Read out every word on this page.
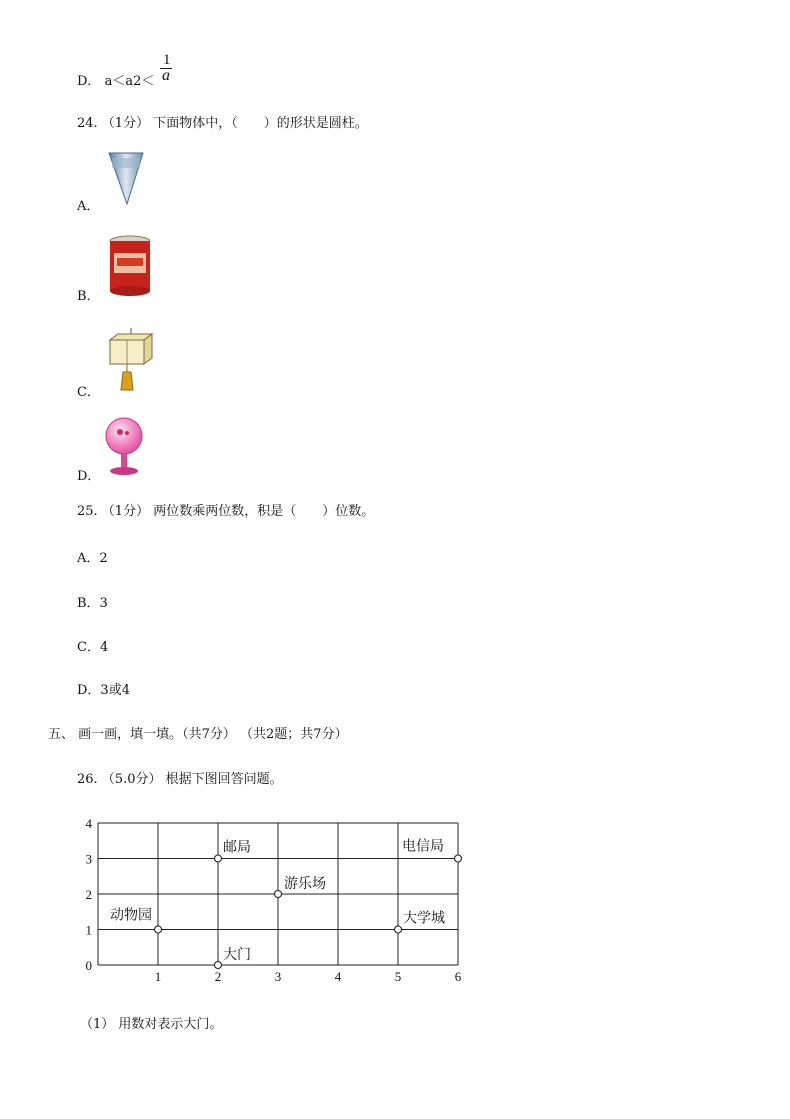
D． a＜a2＜
1
a
24. （1分） 下面物体中，（　　）的形状是圆柱。
A．
B．
C．
D．
25. （1分） 两位数乘两位数，积是（　　）位数。
A．2
B．3
C．4
D．3或4
五、 画一画，填一填。（共7分） （共2题；共7分）
26. （5.0分） 根据下图回答问题。
1	2	3	4	5	6
0
1
2
3
4
邮局	电信局
游乐场
动物园	大学城
大门
（1） 用数对表示大门。
